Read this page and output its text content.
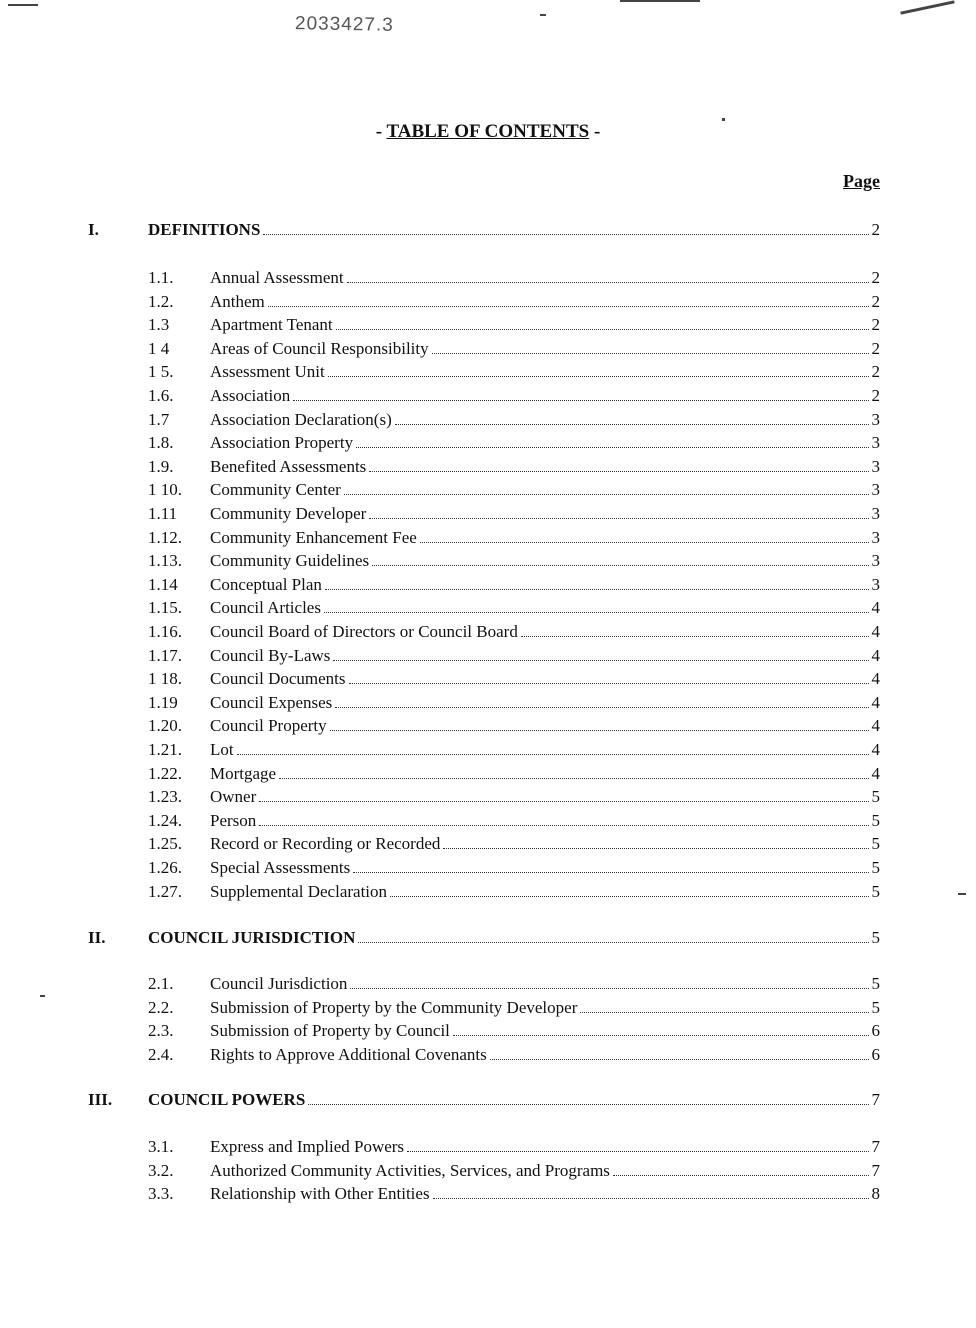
2033427.3
- TABLE OF CONTENTS -
Page
I.	DEFINITIONS	2
1.1. Annual Assessment	2
1.2. Anthem	2
1.3 Apartment Tenant	2
1 4 Areas of Council Responsibility	2
1 5. Assessment Unit	2
1.6. Association	2
1.7 Association Declaration(s)	3
1.8. Association Property	3
1.9. Benefited Assessments	3
1 10. Community Center	3
1.11 Community Developer	3
1.12. Community Enhancement Fee	3
1.13. Community Guidelines	3
1.14 Conceptual Plan	3
1.15. Council Articles	4
1.16. Council Board of Directors or Council Board	4
1.17. Council By-Laws	4
1 18. Council Documents	4
1.19 Council Expenses	4
1.20. Council Property	4
1.21. Lot	4
1.22. Mortgage	4
1.23. Owner	5
1.24. Person	5
1.25. Record or Recording or Recorded	5
1.26. Special Assessments	5
1.27. Supplemental Declaration	5
II.	COUNCIL JURISDICTION	5
2.1. Council Jurisdiction	5
2.2. Submission of Property by the Community Developer	5
2.3. Submission of Property by Council	6
2.4. Rights to Approve Additional Covenants	6
III. COUNCIL POWERS	7
3.1. Express and Implied Powers	7
3.2. Authorized Community Activities, Services, and Programs	7
3.3. Relationship with Other Entities	8
